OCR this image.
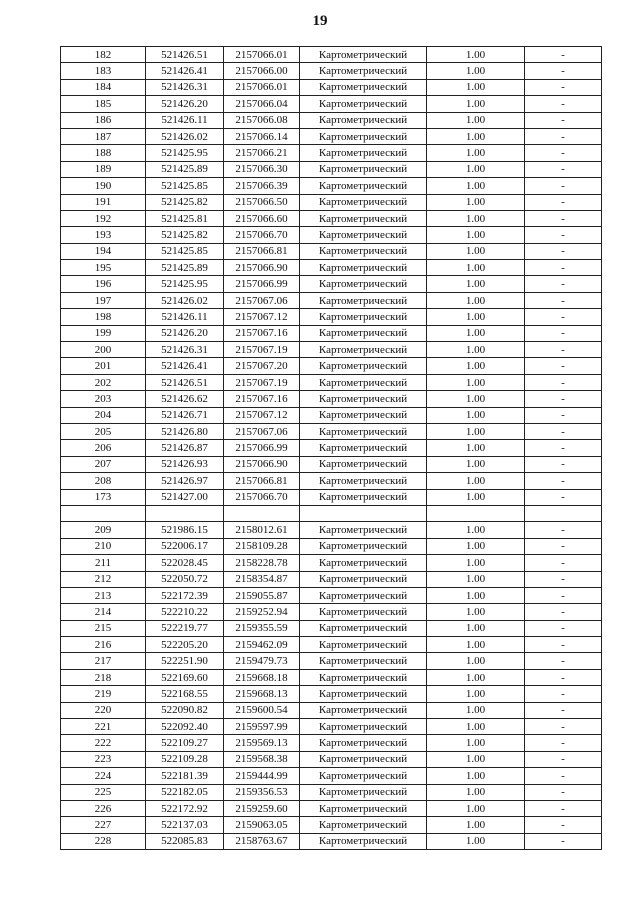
19
182	521426.51	2157066.01	Картометрический	1.00	-
183	521426.41	2157066.00	Картометрический	1.00	-
184	521426.31	2157066.01	Картометрический	1.00	-
185	521426.20	2157066.04	Картометрический	1.00	-
186	521426.11	2157066.08	Картометрический	1.00	-
187	521426.02	2157066.14	Картометрический	1.00	-
188	521425.95	2157066.21	Картометрический	1.00	-
189	521425.89	2157066.30	Картометрический	1.00	-
190	521425.85	2157066.39	Картометрический	1.00	-
191	521425.82	2157066.50	Картометрический	1.00	-
192	521425.81	2157066.60	Картометрический	1.00	-
193	521425.82	2157066.70	Картометрический	1.00	-
194	521425.85	2157066.81	Картометрический	1.00	-
195	521425.89	2157066.90	Картометрический	1.00	-
196	521425.95	2157066.99	Картометрический	1.00	-
197	521426.02	2157067.06	Картометрический	1.00	-
198	521426.11	2157067.12	Картометрический	1.00	-
199	521426.20	2157067.16	Картометрический	1.00	-
200	521426.31	2157067.19	Картометрический	1.00	-
201	521426.41	2157067.20	Картометрический	1.00	-
202	521426.51	2157067.19	Картометрический	1.00	-
203	521426.62	2157067.16	Картометрический	1.00	-
204	521426.71	2157067.12	Картометрический	1.00	-
205	521426.80	2157067.06	Картометрический	1.00	-
206	521426.87	2157066.99	Картометрический	1.00	-
207	521426.93	2157066.90	Картометрический	1.00	-
208	521426.97	2157066.81	Картометрический	1.00	-
173	521427.00	2157066.70	Картометрический	1.00	-

209	521986.15	2158012.61	Картометрический	1.00	-
210	522006.17	2158109.28	Картометрический	1.00	-
211	522028.45	2158228.78	Картометрический	1.00	-
212	522050.72	2158354.87	Картометрический	1.00	-
213	522172.39	2159055.87	Картометрический	1.00	-
214	522210.22	2159252.94	Картометрический	1.00	-
215	522219.77	2159355.59	Картометрический	1.00	-
216	522205.20	2159462.09	Картометрический	1.00	-
217	522251.90	2159479.73	Картометрический	1.00	-
218	522169.60	2159668.18	Картометрический	1.00	-
219	522168.55	2159668.13	Картометрический	1.00	-
220	522090.82	2159600.54	Картометрический	1.00	-
221	522092.40	2159597.99	Картометрический	1.00	-
222	522109.27	2159569.13	Картометрический	1.00	-
223	522109.28	2159568.38	Картометрический	1.00	-
224	522181.39	2159444.99	Картометрический	1.00	-
225	522182.05	2159356.53	Картометрический	1.00	-
226	522172.92	2159259.60	Картометрический	1.00	-
227	522137.03	2159063.05	Картометрический	1.00	-
228	522085.83	2158763.67	Картометрический	1.00	-
